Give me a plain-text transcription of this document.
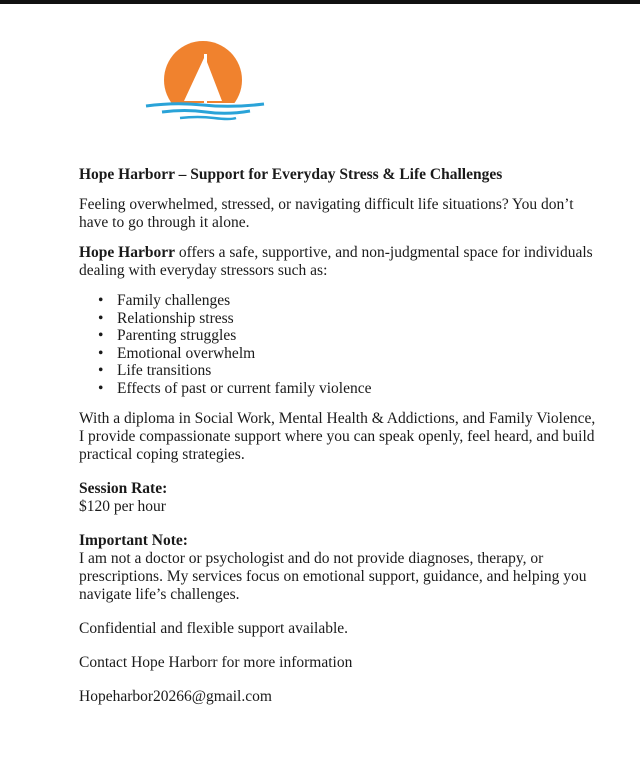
Hope Harborr – Support for Everyday Stress & Life Challenges

Feeling overwhelmed, stressed, or navigating difficult life situations? You don’t have to go through it alone.

Hope Harborr offers a safe, supportive, and non-judgmental space for individuals dealing with everyday stressors such as:

• Family challenges
• Relationship stress
• Parenting struggles
• Emotional overwhelm
• Life transitions
• Effects of past or current family violence

With a diploma in Social Work, Mental Health & Addictions, and Family Violence, I provide compassionate support where you can speak openly, feel heard, and build practical coping strategies.

Session Rate:

$120 per hour

Important Note:

I am not a doctor or psychologist and do not provide diagnoses, therapy, or prescriptions. My services focus on emotional support, guidance, and helping you navigate life’s challenges.

Confidential and flexible support available.

Contact Hope Harborr for more information

Hopeharbor20266@gmail.com
